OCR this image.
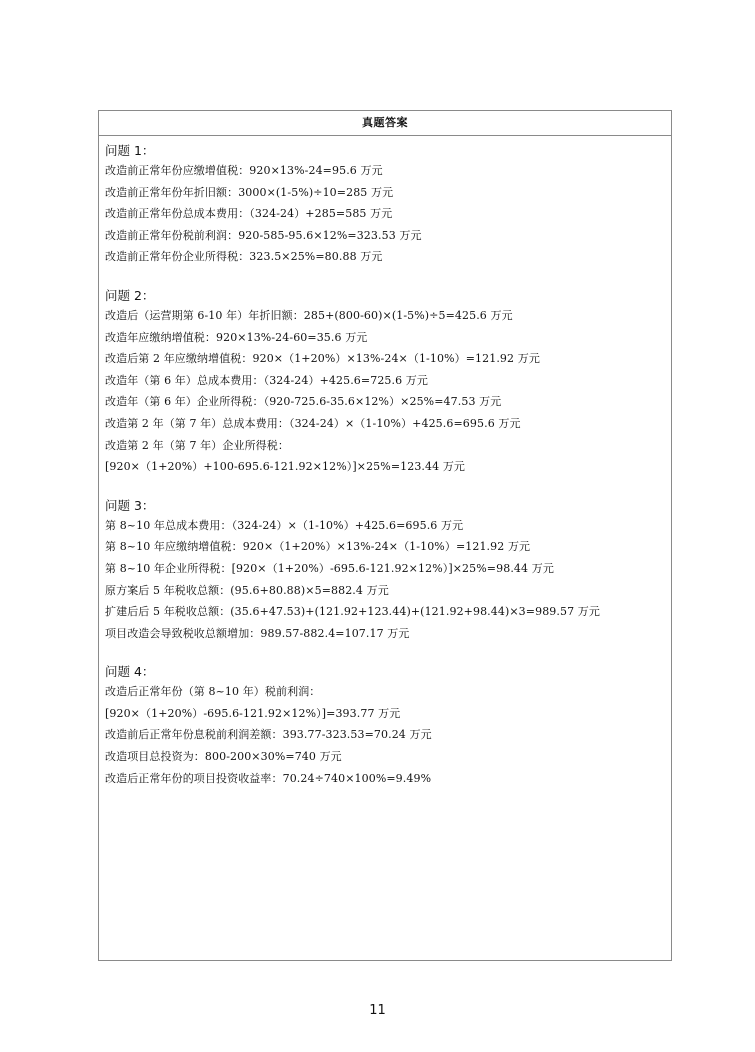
真题答案
问题 1：
改造前正常年份应缴增值税：920×13%-24=95.6 万元
改造前正常年份年折旧额：3000×(1-5%)÷10=285 万元
改造前正常年份总成本费用：（324-24）+285=585 万元
改造前正常年份税前利润：920-585-95.6×12%=323.53 万元
改造前正常年份企业所得税：323.5×25%=80.88 万元
问题 2：
改造后（运营期第 6-10 年）年折旧额：285+(800-60)×(1-5%)÷5=425.6 万元
改造年应缴纳增值税：920×13%-24-60=35.6 万元
改造后第 2 年应缴纳增值税：920×（1+20%）×13%-24×（1-10%）=121.92 万元
改造年（第 6 年）总成本费用：（324-24）+425.6=725.6 万元
改造年（第 6 年）企业所得税：（920-725.6-35.6×12%）×25%=47.53 万元
改造第 2 年（第 7 年）总成本费用：（324-24）×（1-10%）+425.6=695.6 万元
改造第 2 年（第 7 年）企业所得税：
[920×（1+20%）+100-695.6-121.92×12%）]×25%=123.44 万元
问题 3：
第 8~10 年总成本费用：（324-24）×（1-10%）+425.6=695.6 万元
第 8~10 年应缴纳增值税：920×（1+20%）×13%-24×（1-10%）=121.92 万元
第 8~10 年企业所得税：[920×（1+20%）-695.6-121.92×12%）]×25%=98.44 万元
原方案后 5 年税收总额：(95.6+80.88)×5=882.4 万元
扩建后后 5 年税收总额：(35.6+47.53)+(121.92+123.44)+(121.92+98.44)×3=989.57 万元
项目改造会导致税收总额增加：989.57-882.4=107.17 万元
问题 4：
改造后正常年份（第 8~10 年）税前利润：
[920×（1+20%）-695.6-121.92×12%）]=393.77 万元
改造前后正常年份息税前利润差额：393.77-323.53=70.24 万元
改造项目总投资为：800-200×30%=740 万元
改造后正常年份的项目投资收益率：70.24÷740×100%=9.49%
11
